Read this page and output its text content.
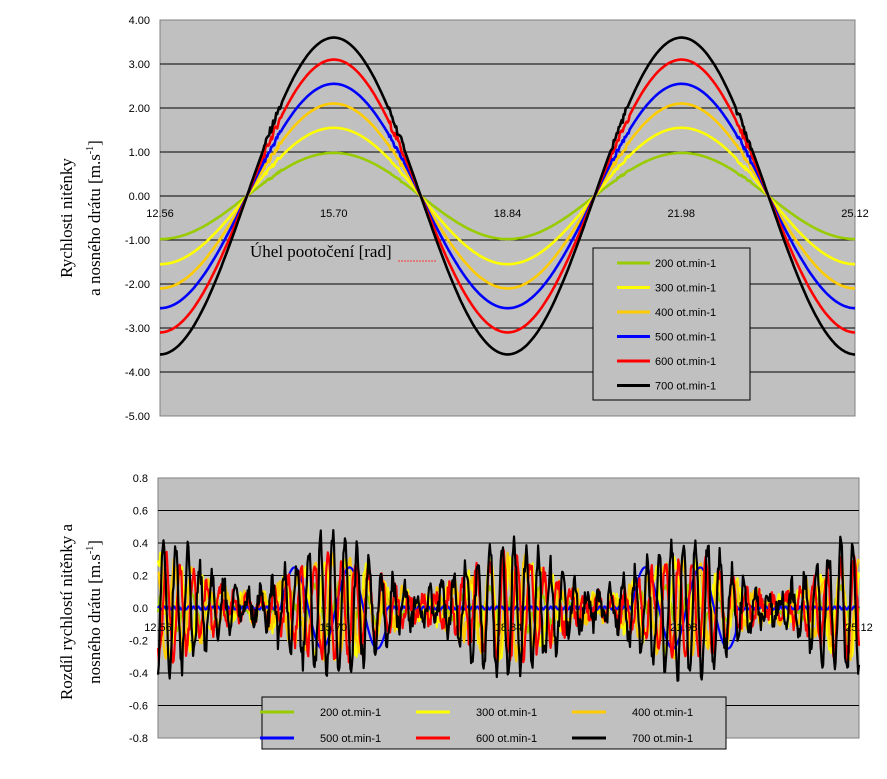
4.00
3.00
2.00
1.00
0.00
-1.00
-2.00
-3.00
-4.00
-5.00
12.56	15.70	18.84	21.98	25.12
Úhel pootočení [rad]
Rychlosti nitěnky a nosného drátu $[m.s^{-1}]$
200 ot.min-1
300 ot.min-1
400 ot.min-1
500 ot.min-1
600 ot.min-1
700 ot.min-1
0.8
0.6
0.4
0.2
0.0
-0.2
-0.4
-0.6
-0.8
12.56	15.70	18.84	21.98	25.12
Rozdíl rychlostí nitěnky a nosného drátu $[m.s^{-1}]$
200 ot.min-1	300 ot.min-1	400 ot.min-1
500 ot.min-1	600 ot.min-1	700 ot.min-1
